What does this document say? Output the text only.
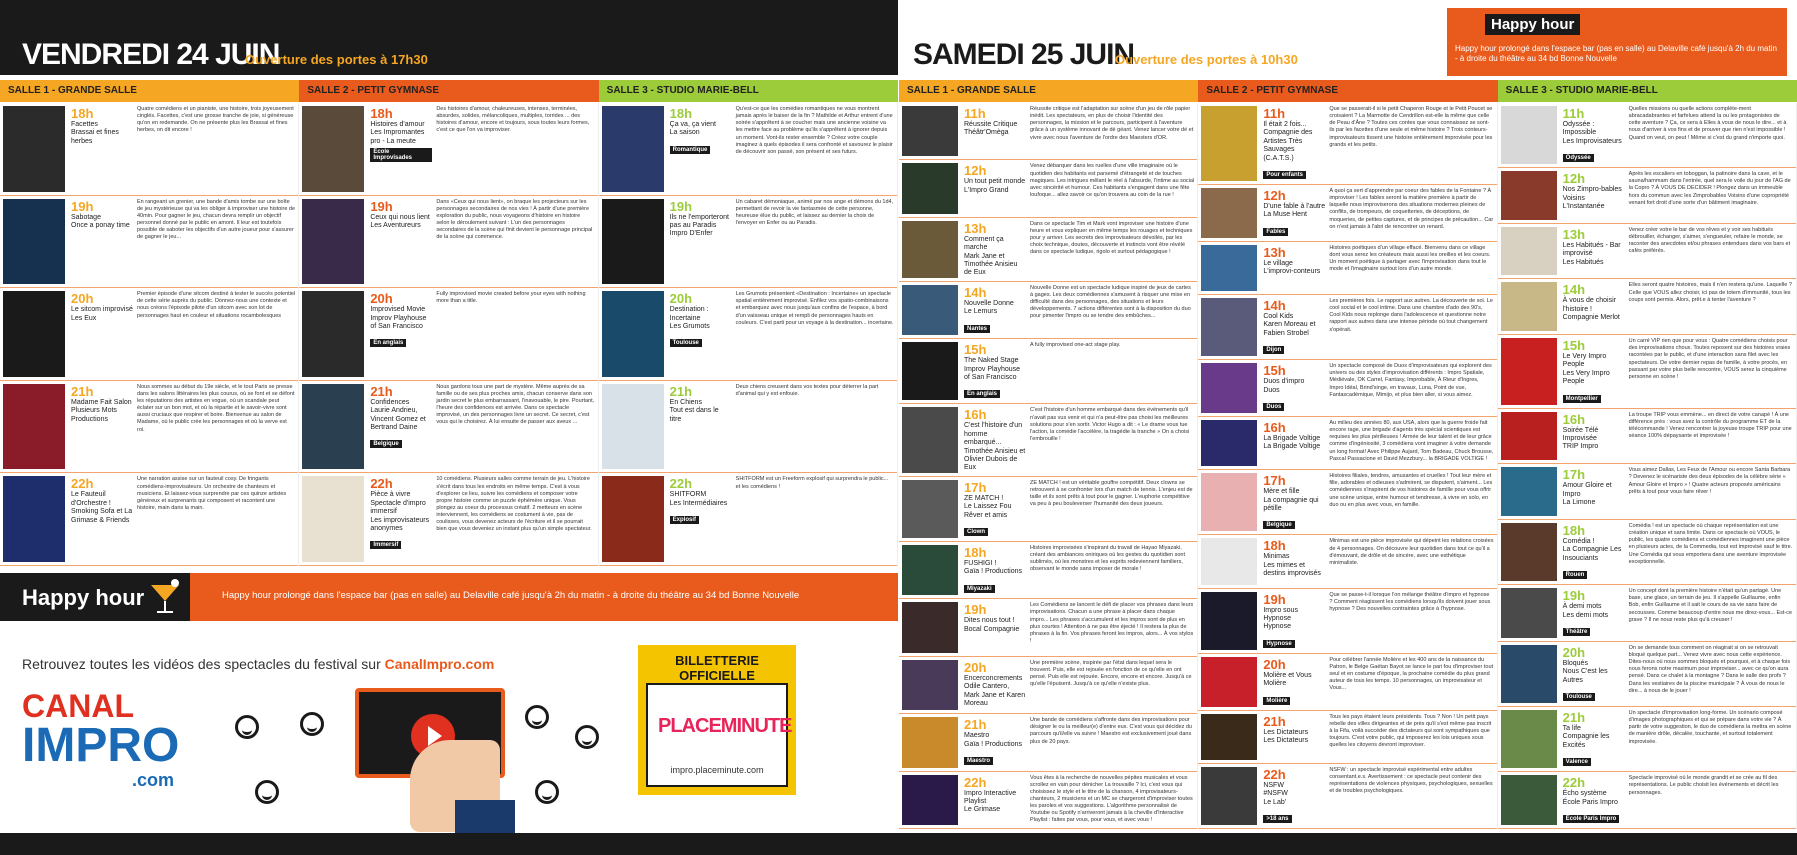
VENDREDI 24 JUIN
Ouverture des portes à 17h30
SALLE 1 - GRANDE SALLE	SALLE 2 - PETIT GYMNASE	SALLE 3 - STUDIO MARIE-BELL
18h
Facettes
Brassai et fines herbes
Quatre comédiens et un pianiste, une histoire, trois joyeusement cinglés. Facettes, c'est une grosse tranche de joie, si généreuse qu'on en redemande. On ne présente plus les Brassai et fines herbes, on dit encore !
19h
Sabotage
Once a ponay time
En rangeant un grenier, une bande d'amis tombe sur une boîte de jeu mystérieuse qui va les obliger à improviser une histoire de 40min. Pour gagner le jeu, chacun devra remplir un objectif personnel donné par le public en amont. Il leur est toutefois possible de saboter les objectifs d'un autre joueur pour s'assurer de gagner le jeu...
20h
Le sitcom improvisé
Les Eux
Premier épisode d'une sitcom destiné à tester le succès potentiel de cette série auprès du public. Donnez-nous une contexte et nous créons l'épisode pilote d'un sitcom avec son lot de personnages haut en couleur et situations rocambolesques
21h
Madame Fait Salon
Plusieurs Mots Productions
Nous sommes au début du 19e siècle, et le tout Paris se presse dans les salons littéraires les plus courus, où se font et se défont les réputations des artistes en vogue, où un scandale peut éclater sur un bon mot, et où la répartie et le savoir-vivre sont aussi cruciaux que respirer et boire. Bienvenue au salon de Madame, où le public crée les personnages et où la verve est roi.
22h
Le Fauteuil d'Orchestre !
Smoking Sofa et La Grimase & Friends
Une narration assise sur un fauteuil cosy. De fringants comédiens-improvisateurs. Un orchestre de chanteurs et musiciens. Et laissez-vous surprendre par ces quinze artistes généreux et surprenants qui composent et racontent une histoire, main dans la main.
18h
Histoires d'amour
Les Impromantes pro - La meute
École Improvisades
Des histoires d'amour, chaleureuses, intenses, terminées, absurdes, solides, mélancoliques, multiples, torrides ... des histoires d'amour, encore et toujours, sous toutes leurs formes, c'est ce que l'on va improviser.
19h
Ceux qui nous lient
Les Aventureurs
Dans «Ceux qui nous lient», on braque les projecteurs sur les personnages secondaires de nos vies ! À partir d'une première exploration du public, nous voyageons d'histoire en histoire selon le déroulement suivant : L'un des personnages secondaires de la scène qui finit devient le personnage principal de la scène qui commence.
20h
Improvised Movie
Improv Playhouse of San Francisco
En anglais
Fully improvised movie created before your eyes with nothing more than a title.
21h
Confidences
Laurie Andrieu, Vincent Gomez et Bertrand Daine
Belgique
Nous gardons tous une part de mystère. Même auprès de sa famille ou de ses plus proches amis, chacun conserve dans son jardin secret le plus embarrassant, l'inavouable, le pire. Pourtant, l'heure des confidences est arrivée. Dans ce spectacle improvisé, un des personnages livre un secret. Ce secret, c'est vous qui le choisirez. À lui ensuite de passer aux aveux ...
22h
Pièce à vivre
Spectacle d'impro immersif
Les improvisateurs anonymes
Immersif
10 comédiens. Plusieurs salles comme terrain de jeu. L'histoire s'écrit dans tous les endroits en même temps. C'est à vous d'explorer ce lieu, suivre les comédiens et composer votre propre histoire comme un puzzle éphémère unique. Vous plongez au coeur du processus créatif. 2 metteurs en scène interviennent, les comédiens se costument à vie, pas de coulisses, vous devenez acteurs de l'écriture et il se pourrait bien que vous deveniez un instant plus qu'un simple spectateur.
18h
Ça va, ça vient
La saison
Romantique
Qu'est-ce que les comédies romantiques ne vous montrent jamais après le baiser de la fin ? Mathilde et Arthur entrent d'une soirée s'apprêtent à se coucher mais une ancienne voisine va les mettre face au problème qu'ils s'apprêtent à ignorer depuis un moment. Vont-ils rester ensemble ? Créez votre couple imaginez à quels épisodes il sera confronté et savourez le plaisir de découvrir son passé, son présent et ses futurs.
19h
Ils ne l'emporteront pas au Paradis
Impro D'Enfer
Un cabaret démoniaque, animé par nos ange et démons du 1d4, permettant de revoir la vie fantasmée de cette personne, heureuse élue du public, et laissez au dernier la choix de l'envoyer en Enfer ou au Paradis.
20h
Destination : Incertaine
Les Grumots
Toulouse
Les Grumots présentent «Destination : Incertaine» un spectacle spatial entièrement improvisé. Enfilez vos spatio-combinaisons et embarquez avec nous jusqu'aux confins de l'espace, à bord d'un vaisseau unique et rempli de personnages hauts en couleurs. C'est parti pour un voyage à la destination... incertaine.
21h
En Chiens
Tout est dans le titre
Deux chiens creusent dans vos textes pour déterrer la part d'animal qui y est enfouie.
22h
SHITFORM
Les Intermédiaires
Explosif
SHITFORM est un Freeform explosif qui surprendra le public... et les comédiens !
Happy hour	Happy hour prolongé dans l'espace bar (pas en salle) au Delaville café jusqu'à 2h du matin - à droite du théâtre au 34 bd Bonne Nouvelle
Retrouvez toutes les vidéos des spectacles du festival sur CanalImpro.com
CANAL
IMPRO
.com
BILLETTERIE OFFICIELLE
PLACEMINUTE
impro.placeminute.com
SAMEDI 25 JUIN
Ouverture des portes à 10h30
Happy hour
Happy hour prolongé dans l'espace bar (pas en salle) au Delaville café jusqu'à 2h du matin - à droite du théâtre au 34 bd Bonne Nouvelle
SALLE 1 - GRANDE SALLE	SALLE 2 - PETIT GYMNASE	SALLE 3 - STUDIO MARIE-BELL
11h
Réussite Critique
Théâtr'Omèga
Réussite critique est l'adaptation sur scène d'un jeu de rôle papier inédit. Les spectateurs, en plus de choisir l'identité des personnages, la mission et le parcours, participent à l'aventure grâce à un système innovant de dé géant. Venez lancer votre dé et vivre avec nous l'aventure de l'ordre des Maesters d'OR.
12h
Un tout petit monde
L'Impro Grand
Venez débarquer dans les ruelles d'une ville imaginaire où le quotidien des habitants est parsemé d'étrangeté et de touches magiques. Les intrigues mêlant le réel à l'absurde, l'intime au social avec sincérité et humour. Ces habitants s'engagent dans une fête loufoque... allez savoir ce qu'on trouvera au coin de la rue !
13h
Comment ça marche
Mark Jane et Timothée Anisieu de Eux
Dans ce spectacle Tim et Mark vont improviser une histoire d'une heure et vous expliquer en même temps les rouages et techniques pour y arriver. Les secrets des improvisateurs dévoilés, par les choix technique, doutes, découverte et instincts vont être révélé dans ce spectacle ludique, rigolo et surtout pédagogique !
14h
Nouvelle Donne
Le Lemurs
Nantes
Nouvelle Donne est un spectacle ludique inspiré de jeux de cartes à gages. Les deux comédiennes s'amusent à risquer une mise en difficulté dans des personnages, des situations et leurs développements. 7 actions différentes sont à la disposition du duo pour pimenter l'impro ou se tendre des embûches...
15h
The Naked Stage
Improv Playhouse of San Francisco
En anglais
A fully improvised one-act stage play.
16h
C'est l'histoire d'un homme embarqué...
Timothée Anisieu et Olivier Dubois de Eux
C'est l'histoire d'un homme embarqué dans des événements qu'il n'avait pas vus venir et qui n'a peut-être pas choisi les meilleures solutions pour s'en sortir. Victor Hugo a dit : « Le drame vous tue l'action, la comédie l'accélère, la tragédie la tranche » On a choisi l'embrouille !
17h
ZE MATCH !
Le Laissez Fou Rêver et amis
Clown
ZE MATCH ! est un véritable gouffre compétitif. Deux clowns se retrouvent à se confronter lors d'un match de tennis. L'enjeu est de taille et ils sont prêts à tout pour le gagner. L'euphorie compétitive va peu à peu bouleverser l'humanité des deux joueurs.
18h
FUSHIGI !
Gaïa ! Productions
Miyazaki
Histoires improvisées s'inspirant du travail de Hayao Miyazaki, créant des ambiances oniriques où les gestes du quotidien sont sublimés, où les monstres et les esprits redeviennent familiers, observant le monde sans imposer de morale !
19h
Dites nous tout !
Bocal Compagnie
Les Comédiens se lancent le défi de placer vos phrases dans leurs improvisations. Chacun a une phrase à placer dans chaque impro... Les phrases s'accumulent et les impros sont de plus en plus courtes ! Attention à ne pas être éjecté ! Il restera la plus de phrases à la fin. Vos phrases feront les impros, alors... À vos stylos !
20h
Encerconcrements
Odile Cantero, Mark Jane et Karen Moreau
Une première scène, inspirée par l'état dans lequel sera le trouvent. Puis, elle est rejouée en fonction de ce qu'elle en ont pensé. Puis elle est rejouée. Encore, encore et encore. Jusqu'à ce qu'elle l'épuisent. Jusqu'à ce qu'elle n'existe plus.
21h
Maestro
Gaïa ! Productions
Maestro
Une bande de comédiens s'affronte dans des improvisations pour désigner le ou la meilleur(e) d'entre eux. C'est vous qui décidez du parcours qu'il/elle va suivre ! Maestro est exclusivement joué dans plus de 20 pays.
22h
Impro Interactive Playlist
Le Grimase
Vous êtes à la recherche de nouvelles pépites musicales et vous scrollez en vain pour dénicher La trouvaille ? Ici, c'est vous qui choisissez le style et le titre de la chanson, 4 improvisateurs-chanteurs, 2 musiciens et un MC se chargeront d'improviser toutes les paroles et vos suggestions. L'algorithme personnalisé de Youtube ou Spotify n'arriveront jamais à la cheville d'Interactive Playlist : faites par vous, pour vous, et avec vous !
11h
Il était 2 fois...
Compagnie des Artistes Très Sauvages (C.A.T.S.)
Pour enfants
Que se passerait-il si le petit Chaperon Rouge et le Petit Poucet se croisaient ? La Marmotte de Cendrillon est-elle la même que celle de Peau d'Âne ? Toutes ces contes que vous connaissez se sont-ils par les facettes d'une seule et même histoire ? Trois conteurs-improvisateurs tissent une histoire entièrement improvisée pour les grands et les petits.
12h
D'une fable à l'autre
La Muse Hent
Fables
À quoi ça sert d'apprendre par coeur des fables de la Fontaine ? À improviser ! Les fables seront la matière première à partir de laquelle nous improviserons des situations modernes pleines de conflits, de trompeurs, de coquetteries, de déceptions, de moqueries, de petites captures, et de principes de précaution... Car on n'est jamais à l'abri de rencontrer un renard.
13h
Le village
L'improvi-conteurs
Histoires poétiques d'un village effacé. Bienvenu dans ce village dont vous serez les créateurs mais aussi les oreilles et les coeurs. Un moment poétique à partager avec l'improvisation dans tout le mode et l'imaginaire surtout lors d'un autre monde.
14h
Cool Kids
Karen Moreau et Fabien Strobel
Dijon
Les premières fois. Le rapport aux autres. La découverte de soi. Le cool social et le cool intime. Dans une chambre d'ado des 90's, Cool Kids nous replonge dans l'adolescence et questionne notre rapport aux autres dans une intense période où tout changement s'opérait.
15h
Duos d'impro
Duos
Duos
Un spectacle composé de Duos d'improvisateurs qui explorent des univers ou des styles d'improvisation différents : Impro Spatiale, Médiévale, OK Carrel, Fantasy, Improbable, À Rieur d'Ingres, Impro Idéal, Brind'singe, en travaux, Luna, Point de vue, Fantascadémique, Mimijo, et plus bien aller, si vous aimez.
16h
La Brigade Voltige
La Brigade Voltige
Au milieu des années 80, aux USA, alors que la guerre froide fait encore rage, une brigade d'agents très spécial scientiques est requises les plus périlleuses ! Armée de leur talent et de leur grâce comme d'ingéniosité, 3 comédiens vont imaginer à votre demande un long format! Avec Philippe Aujard, Tom Badeau, Chuck Brousse, Pascal Passacione et David Mezzbury... la BRIGADE VOLTIGE !
17h
Mère et fille
La compagnie qui pétille
Belgique
Histoires filiales, tendres, amusantes et cruelles ! Tout leur mère et fille, adorables et odieuses s'admirent, se disputent, s'aiment... Les comédiennes s'inspirent de vos histoires de famille pour vous offrir une scène unique, entre humour et tendresse, à vivre en solo, en duo ou en plus avec vous, en famille.
18h
Minimas
Les mimes et destins improvisés
Minimas est une pièce improvisée qui dépeint les relations croisées de 4 personnages. On découvre leur quotidien dans tout ce qu'il a d'émouvant, de drôle et de sincère, avec une esthétique minimaliste.
19h
Impro sous Hypnose
Hypnose
Hypnose
Que se passe-t-il lorsque l'on mélange théâtre d'impro et hypnose ? Comment réagissent les comédiens lorsqu'ils doivent jouer sous hypnose ? Des nouvelles contraintes grâce à l'hypnose.
20h
Molière et Vous
Molière
Molière
Pour célébrer l'année Molière et les 400 ans de la naissance du Patron, le Belge Gaëtan Bayot se lance le pari fou d'improviser tout seul et en costume d'époque, la prochaine comédie du plus grand auteur de tous les temps. 10 personnages, un improvisateur et Vous...
21h
Les Dictateurs
Les Dictateurs
Tous les pays étaient leurs présidents. Tous ? Non ! Un petit pays rebelle des villes dirigeantes et de près qu'il s'est même pas inscrit à la Fifa, voilà succéder des dictateurs qui sont sympathiques que toujours. C'est votre public, qui imposerez les lois uniques sous quelles les citoyens devront improviser.
22h
NSFW
#NSFW
Le Lab'
>18 ans
NSFW : un spectacle improvisé expérimental entre adultes consentant.e.s. Avertissement : ce spectacle peut contenir des représentations de violences physiques, psychologiques, sexuelles et de troubles psychologiques.
11h
Odyssée : Impossible
Les Improvisateurs
Odyssée
Quelles missions ou quelle actions complète-ment abracadabrantes et farfelues attend la ou les protagonistes de cette aventure ? Ça, ce sera à Elles à vous de nous le dire... et à nous d'arriver à vos fins et de prouver que rien n'est impossible ! Quand on veut, on peut ! Même si c'est du grand n'importe quoi.
12h
Nos Zimpro-bables Voisins
L'Instantanée
Après les escaliers en toboggan, la patinoire dans la cave, et le sauna/hammam dans l'entrée, quel sera le voile du jour de l'AG de la Copro ? À VOUS DE DECIDER ! Plongez dans un immeuble hors du commun avec les Zimprobables Voisins d'une copropriété venant fort droit d'une sorte d'un bâtiment imaginaire.
13h
Les Habitués - Bar improvisé
Les Habitués
Venez créer votre le bar de vos rêves et y voir ses habitués débrouiller, échanger, s'aimer, s'engueuler, refaire le monde, se raconter des anecdotes et/ou phrases entendues dans vos bars et cafés préférés.
14h
À vous de choisir l'histoire !
Compagnie Merlot
Elles seront quatre histoires, mais il n'en restera qu'une. Laquelle ? Celle que VOUS allez choisir, ici pas de totem d'immunité, tous les coups sont permis. Alors, prêt.e à tenter l'aventure ?
15h
Le Very Impro People
Les Very Impro People
Montpellier
Un carré VIP rien que pour vous : Quatre comédiens choisis pour des improvisations choux. Toutes reposent sur des histoires vraies racontées par le public, et d'une interaction sans filet avec les spectateurs. De votre dernier repas de famille, à votre procès, en passant par votre plus belle rencontre, VOUS serez la cinquième personne en scène !
16h
Soirée Télé Improvisée
TRIP Impro
La troupe TRIP vous emmène... en direct de votre canapé ! À une différence près : vous avez la contrôle du programme ET de la télécommande ! Venez rencontrer la joyeuse troupe TRIP pour une séance 100% dépaysante et improvisée !
17h
Amour Gloire et Impro
La Limone
Vous aimez Dallas, Les Feux de l'Amour ou encore Santa Barbara ? Devenez le scénariste des deux épisodes de la célèbre série « Amour Gloire et Impro » ! Quatre acteurs proposés américains prêts à tout pour vous faire rêver !
18h
Comédia !
La Compagnie Les Insouciants
Rouen
Comédia ! est un spectacle où chaque représentation est une création unique et sans limite. Dans ce spectacle où VOUS, le public, les quatre comédiens et comédiennes imaginent une pièce en plusieurs actes, de la Commedia, tout est improvisé sauf le titre. Une Comédia qui vous emportera dans une aventure improvisée exceptionnelle.
19h
À demi mots
Les demi mots
Théâtre
Un concept dont la première histoire n'était qu'un partagé. Une base, une glace, un terrain de jeu. Il s'appelle Guillaume, enfin Bob, enfin Guillaume et il sait le cours de sa vie sans faire de secousses. Comme beaucoup d'entre nous me direz-vous... Est-ce grave ? Il ne nous reste plus qu'à creuser !
20h
Bloqués
Nous C'est les Autres
Toulouse
On se demande tous comment on réagirait si on se retrouvait bloqué quelque part... Venez vivre avec nous cette expérience. Dites-nous où nous sommes bloqués et pourquoi, et à chaque fois nous ferons notre maximum pour improviser... avec ce qu'on aura pensé. Dans ce chalet à la montagne ? Dans le salle des profs ? Dans les vestiaires de la piscine municipale ? À vous de nous le dire... à nous de le jouer !
21h
Ta life
Compagnie les Excités
Valence
Un spectacle d'improvisation long-forme. Un scénario composé d'images photographiques et qui se prépare dans votre vie ? À partir de votre suggestion, le duo de comédiens la mettra en scène de manière drôle, décalée, touchante, et surtout totalement improvisée.
22h
Écho système
École Paris Impro
École Paris Impro
Spectacle improvisé où le monde grandit et se crée au fil des représentations. Le public choisit les événements et décrit les personnages.
